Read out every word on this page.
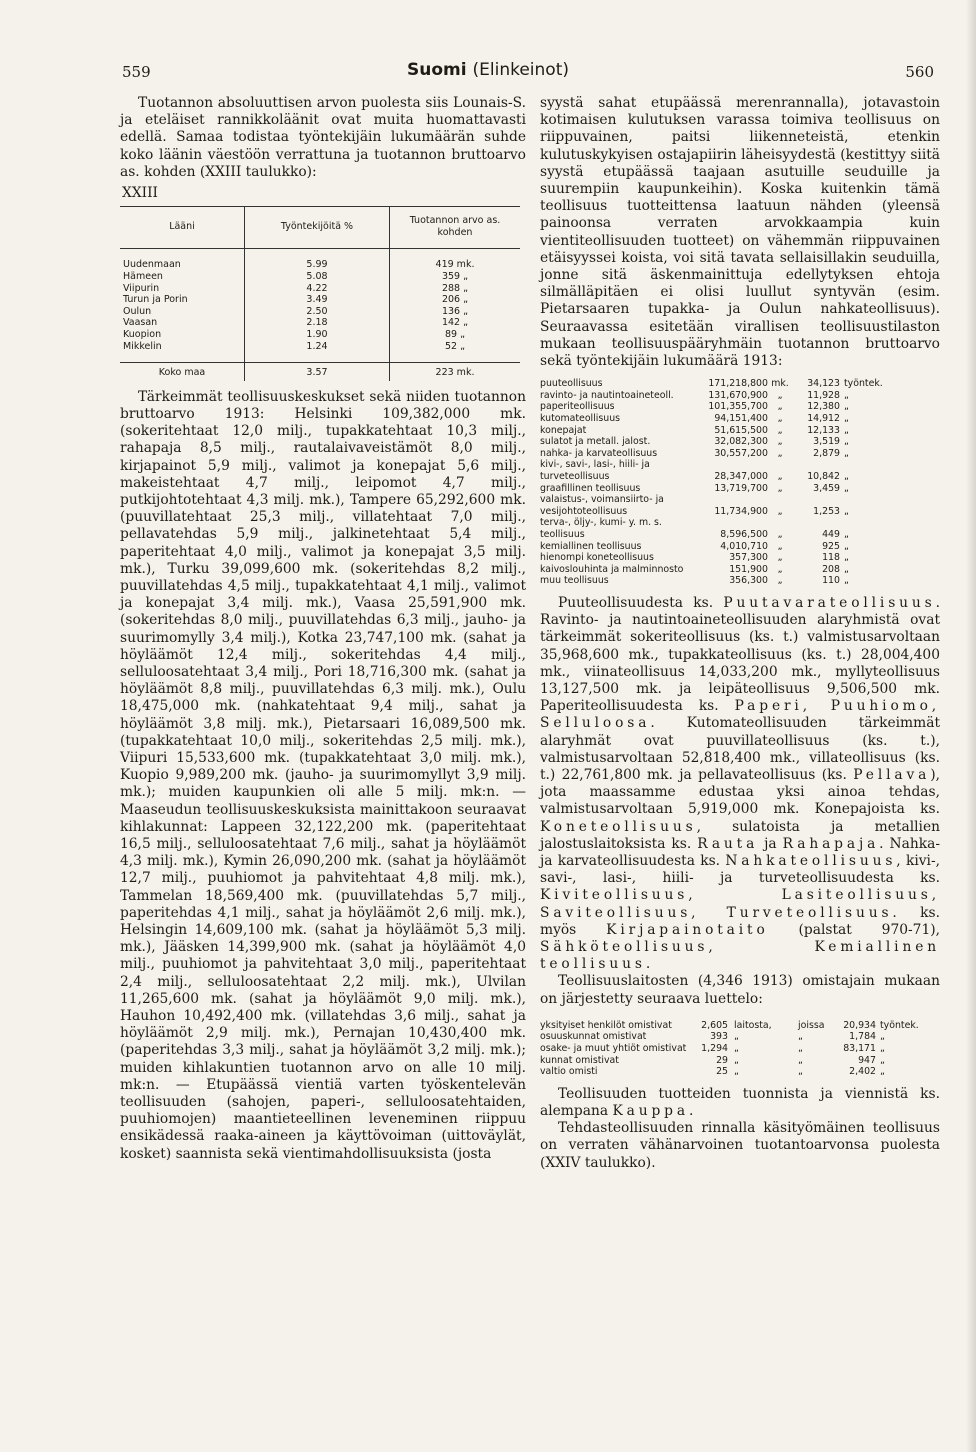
559	Suomi (Elinkeinot)	560

Tuotannon absoluuttisen arvon puolesta siis Lounais-S. ja eteläiset rannikkoläänit ovat muita huomattavasti edellä. Samaa todistaa työntekijäin lukumäärän suhde koko läänin väestöön verrattuna ja tuotannon bruttoarvo as. kohden (XXIII taulukko):

XXIII
Lääni	Työntekijöitä %	Tuotannon arvo as. kohden
Uudenmaan	5.99	419 mk.
Hämeen	5.08	359 „
Viipurin	4.22	288 „
Turun ja Porin	3.49	206 „
Oulun	2.50	136 „
Vaasan	2.18	142 „
Kuopion	1.90	89 „
Mikkelin	1.24	52 „
Koko maa	3.57	223 mk.

Tärkeimmät teollisuuskeskukset sekä niiden tuotannon bruttoarvo 1913: Helsinki 109,382,000 mk. (sokeritehtaat 12,0 milj., tupakkatehtaat 10,3 milj., rahapaja 8,5 milj., rautalaivaveistämöt 8,0 milj., kirjapainot 5,9 milj., valimot ja konepajat 5,6 milj., makeistehtaat 4,7 milj., leipomot 4,7 milj., putkijohtotehtaat 4,3 milj. mk.), Tampere 65,292,600 mk. (puuvillatehtaat 25,3 milj., villatehtaat 7,0 milj., pellavatehdas 5,9 milj., jalkinetehtaat 5,4 milj., paperitehtaat 4,0 milj., valimot ja konepajat 3,5 milj. mk.), Turku 39,099,600 mk. (sokeritehdas 8,2 milj., puuvillatehdas 4,5 milj., tupakkatehtaat 4,1 milj., valimot ja konepajat 3,4 milj. mk.), Vaasa 25,591,900 mk. (sokeritehdas 8,0 milj., puuvillatehdas 6,3 milj., jauho- ja suurimomylly 3,4 milj.), Kotka 23,747,100 mk. (sahat ja höyläämöt 12,4 milj., sokeritehdas 4,4 milj., selluloosatehtaat 3,4 milj., Pori 18,716,300 mk. (sahat ja höyläämöt 8,8 milj., puuvillatehdas 6,3 milj. mk.), Oulu 18,475,000 mk. (nahkatehtaat 9,4 milj., sahat ja höyläämöt 3,8 milj. mk.), Pietarsaari 16,089,500 mk. (tupakkatehtaat 10,0 milj., sokeritehdas 2,5 milj. mk.), Viipuri 15,533,600 mk. (tupakkatehtaat 3,0 milj. mk.), Kuopio 9,989,200 mk. (jauho- ja suurimomyllyt 3,9 milj. mk.); muiden kaupunkien oli alle 5 milj. mk:n. — Maaseudun teollisuuskeskuksista mainittakoon seuraavat kihlakunnat: Lappeen 32,122,200 mk. (paperitehtaat 16,5 milj., selluloosatehtaat 7,6 milj., sahat ja höyläämöt 4,3 milj. mk.), Kymin 26,090,200 mk. (sahat ja höyläämöt 12,7 milj., puuhiomot ja pahvitehtaat 4,8 milj. mk.), Tammelan 18,569,400 mk. (puuvillatehdas 5,7 milj., paperitehdas 4,1 milj., sahat ja höyläämöt 2,6 milj. mk.), Helsingin 14,609,100 mk. (sahat ja höyläämöt 5,3 milj. mk.), Jääsken 14,399,900 mk. (sahat ja höyläämöt 4,0 milj., puuhiomot ja pahvitehtaat 3,0 milj., paperitehtaat 2,4 milj., selluloosatehtaat 2,2 milj. mk.), Ulvilan 11,265,600 mk. (sahat ja höyläämöt 9,0 milj. mk.), Hauhon 10,492,400 mk. (villatehdas 3,6 milj., sahat ja höyläämöt 2,9 milj. mk.), Pernajan 10,430,400 mk. (paperitehdas 3,3 milj., sahat ja höyläämöt 3,2 milj. mk.); muiden kihlakuntien tuotannon arvo on alle 10 milj. mk:n. — Etupäässä vientiä varten työskentelevän teollisuuden (sahojen, paperi-, selluloosatehtaiden, puuhiomojen) maantieteellinen leveneminen riippuu ensikädessä raaka-aineen ja käyttövoiman (uittoväylät, kosket) saannista sekä vientimahdollisuuksista (josta

syystä sahat etupäässä merenrannalla), jotavastoin kotimaisen kulutuksen varassa toimiva teollisuus on riippuvainen, paitsi liikenneteistä, etenkin kulutuskykyisen ostajapiirin läheisyydestä (kestittyy siitä syystä etupäässä taajaan asutuille seuduille ja suurempiin kaupunkeihin). Koska kuitenkin tämä teollisuus tuotteittensa laatuun nähden (yleensä painoonsa verraten arvokkaampia kuin vientiteollisuuden tuotteet) on vähemmän riippuvainen etäisyyssei koista, voi sitä tavata sellaisillakin seuduilla, jonne sitä äskenmainittuja edellytyksen ehtoja silmälläpitäen ei olisi luullut syntyvän (esim. Pietarsaaren tupakka- ja Oulun nahkateollisuus). Seuraavassa esitetään virallisen teollisuustilaston mukaan teollisuuspääryhmäin tuotannon bruttoarvo sekä työntekijäin lukumäärä 1913:

puuteollisuus	171,218,800	mk.	34,123	työntek.
ravinto- ja nautintoaineteoll.	131,670,900	„	11,928	„
paperiteollisuus	101,355,700	„	12,380	„
kutomateollisuus	94,151,400	„	14,912	„
konepajat	51,615,500	„	12,133	„
sulatot ja metall. jalost.	32,082,300	„	3,519	„
nahka- ja karvateollisuus	30,557,200	„	2,879	„
kivi-, savi-, lasi-, hiili- ja turveteollisuus	28,347,000	„	10,842	„
graafillinen teollisuus	13,719,700	„	3,459	„
valaistus-, voimansiirto- ja vesijohtoteollisuus	11,734,900	„	1,253	„
terva-, öljy-, kumi- y. m. s. teollisuus	8,596,500	„	449	„
kemiallinen teollisuus	4,010,710	„	925	„
hienompi koneteollisuus	357,300	„	118	„
kaivoslouhinta ja malminnosto	151,900	„	208	„
muu teollisuus	356,300	„	110	„

Puuteollisuudesta ks. Puutavarateollisuus. Ravinto- ja nautintoaineteollisuuden alaryhmistä ovat tärkeimmät sokeriteollisuus (ks. t.) valmistusarvoltaan 35,968,600 mk., tupakkateollisuus (ks. t.) 28,004,400 mk., viinateollisuus 14,033,200 mk., myllyteollisuus 13,127,500 mk. ja leipäteollisuus 9,506,500 mk. Paperiteollisuudesta ks. Paperi, Puuhiomo, Selluloosa. Kutomateollisuuden tärkeimmät alaryhmät ovat puuvillateollisuus (ks. t.), valmistusarvoltaan 52,818,400 mk., villateollisuus (ks. t.) 22,761,800 mk. ja pellavateollisuus (ks. Pellava), jota maassamme edustaa yksi ainoa tehdas, valmistusarvoltaan 5,919,000 mk. Konepajoista ks. Koneteollisuus, sulatoista ja metallien jalostuslaitoksista ks. Rauta ja Rahapaja. Nahka- ja karvateollisuudesta ks. Nahkateollisuus, kivi-, savi-, lasi-, hiili- ja turveteollisuudesta ks. Kiviteollisuus, Lasiteollisuus, Saviteollisuus, Turveteollisuus. ks. myös Kirjapainotaito (palstat 970-71), Sähköteollisuus, Kemiallinen teollisuus.

Teollisuuslaitosten (4,346 1913) omistajain mukaan on järjestetty seuraava luettelo:

yksityiset henkilöt omistivat	2,605	laitosta,	joissa	20,934	työntek.
osuuskunnat omistivat	393	„	„	1,784	„
osake- ja muut yhtiöt omistivat	1,294	„	„	83,171	„
kunnat omistivat	29	„	„	947	„
valtio omisti	25	„	„	2,402	„

Teollisuuden tuotteiden tuonnista ja viennistä ks. alempana Kauppa.

Tehdasteollisuuden rinnalla käsityömäinen teollisuus on verraten vähänarvoinen tuotantoarvonsa puolesta (XXIV taulukko).
